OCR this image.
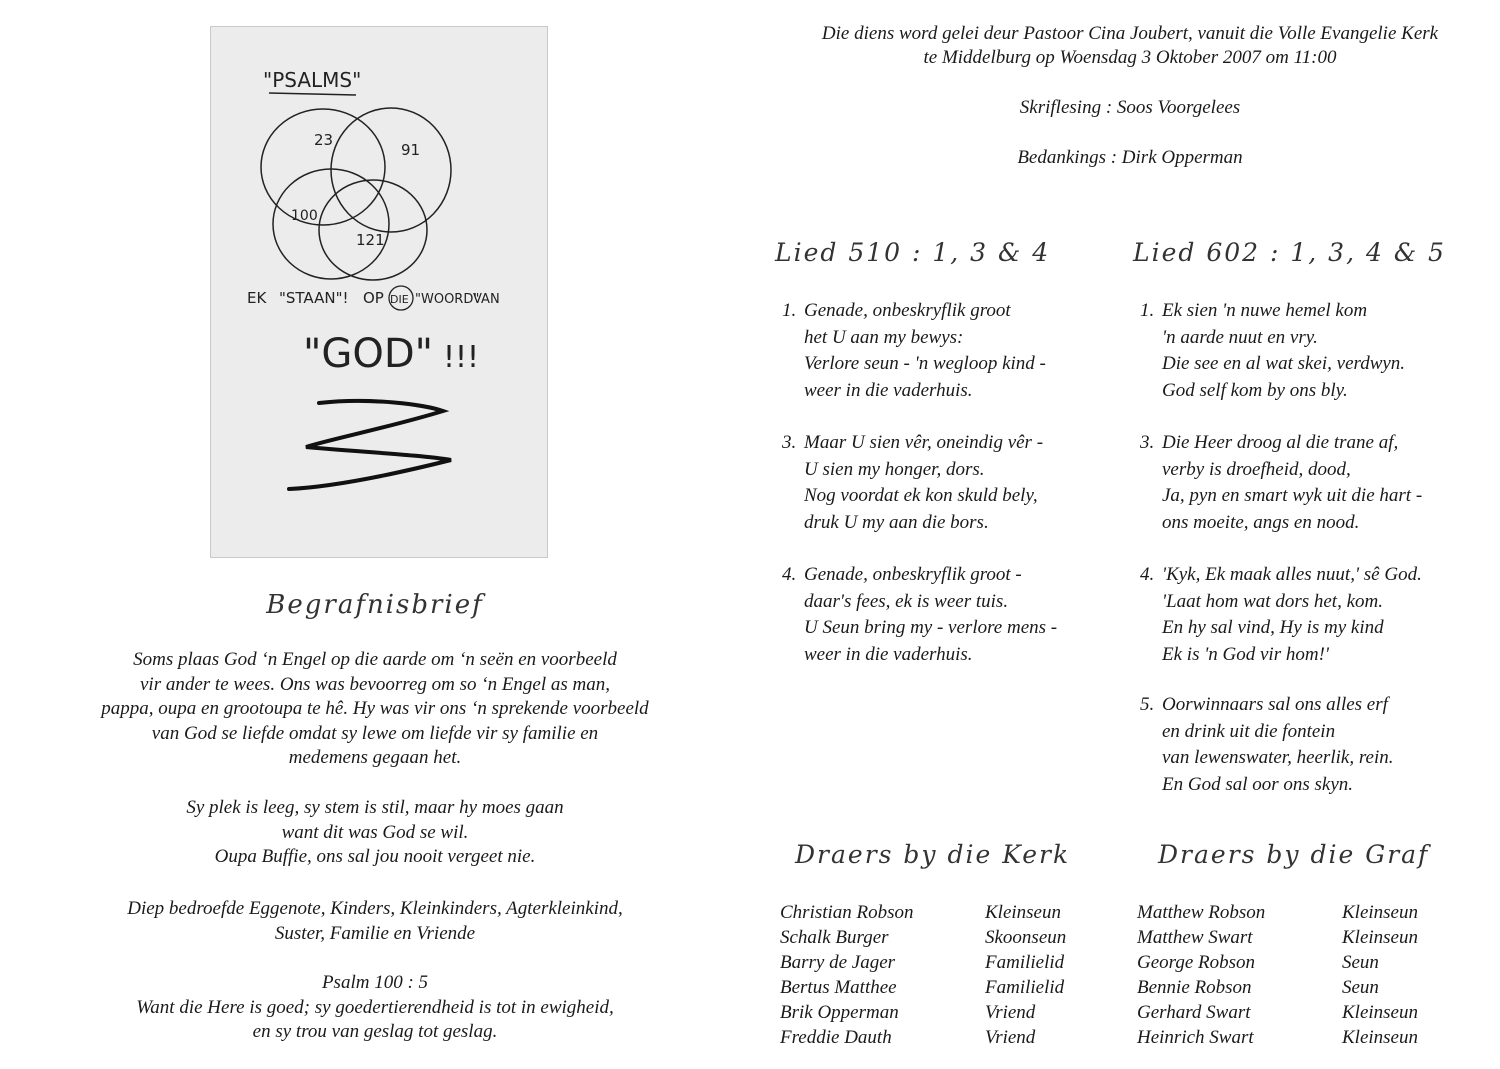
"PSALMS"
23
91
100
121
EK "STAAN"! OP DIE "WOORD"
VAN
"GOD" !!!
Begrafnisbrief
Soms plaas God ‘n Engel op die aarde om ‘n seën en voorbeeld
vir ander te wees. Ons was bevoorreg om so ‘n Engel as man,
pappa, oupa en grootoupa te hê. Hy was vir ons ‘n sprekende voorbeeld
van God se liefde omdat sy lewe om liefde vir sy familie en
medemens gegaan het.
Sy plek is leeg, sy stem is stil, maar hy moes gaan
want dit was God se wil.
Oupa Buffie, ons sal jou nooit vergeet nie.
Diep bedroefde Eggenote, Kinders, Kleinkinders, Agterkleinkind,
Suster, Familie en Vriende
Psalm 100 : 5
Want die Here is goed; sy goedertierendheid is tot in ewigheid,
en sy trou van geslag tot geslag.
Die diens word gelei deur Pastoor Cina Joubert, vanuit die Volle Evangelie Kerk
te Middelburg op Woensdag 3 Oktober 2007 om 11:00
Skriflesing : Soos Voorgelees
Bedankings : Dirk Opperman
Lied 510 : 1, 3 & 4
1. Genade, onbeskryflik groot
het U aan my bewys:
Verlore seun - 'n wegloop kind -
weer in die vaderhuis.
3. Maar U sien vêr, oneindig vêr -
U sien my honger, dors.
Nog voordat ek kon skuld bely,
druk U my aan die bors.
4. Genade, onbeskryflik groot -
daar's fees, ek is weer tuis.
U Seun bring my - verlore mens -
weer in die vaderhuis.
Lied 602 : 1, 3, 4 & 5
1. Ek sien 'n nuwe hemel kom
'n aarde nuut en vry.
Die see en al wat skei, verdwyn.
God self kom by ons bly.
3. Die Heer droog al die trane af,
verby is droefheid, dood,
Ja, pyn en smart wyk uit die hart -
ons moeite, angs en nood.
4. 'Kyk, Ek maak alles nuut,' sê God.
'Laat hom wat dors het, kom.
En hy sal vind, Hy is my kind
Ek is 'n God vir hom!'
5. Oorwinnaars sal ons alles erf
en drink uit die fontein
van lewenswater, heerlik, rein.
En God sal oor ons skyn.
Draers by die Kerk	Draers by die Graf
Christian Robson
Schalk Burger
Barry de Jager
Bertus Matthee
Brik Opperman
Freddie Dauth
Kleinseun
Skoonseun
Familielid
Familielid
Vriend
Vriend
Matthew Robson
Matthew Swart
George Robson
Bennie Robson
Gerhard Swart
Heinrich Swart
Kleinseun
Kleinseun
Seun
Seun
Kleinseun
Kleinseun
